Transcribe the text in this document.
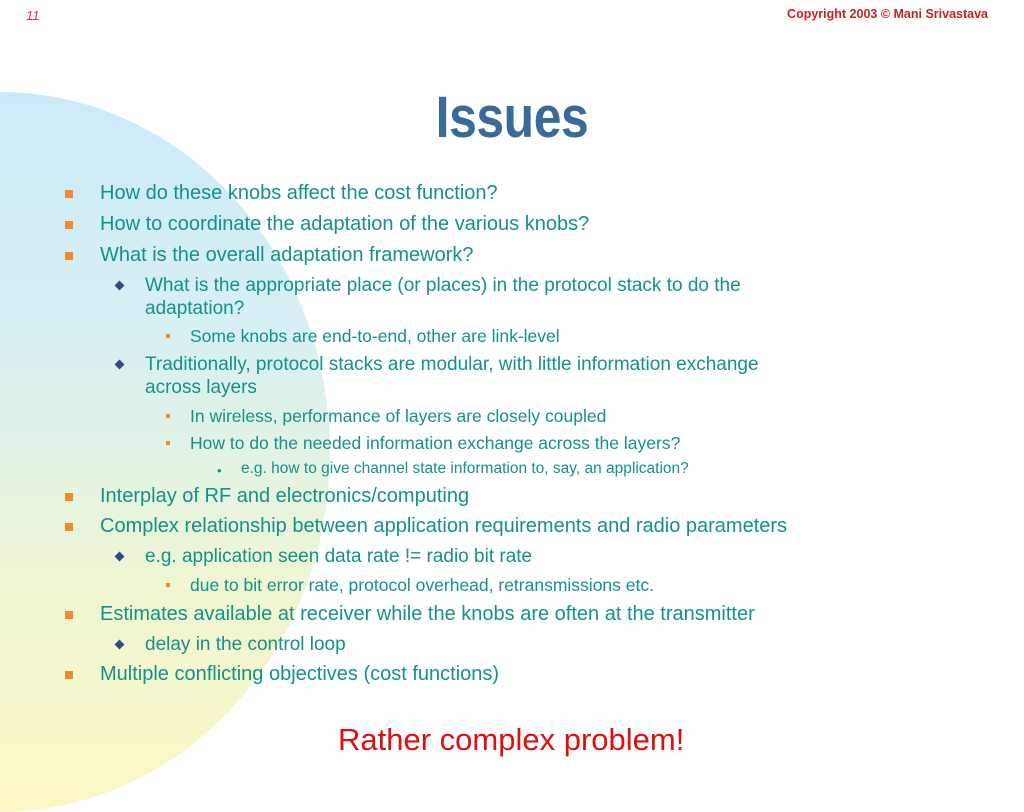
11	Copyright 2003 © Mani Srivastava
Issues
How do these knobs affect the cost function?
How to coordinate the adaptation of the various knobs?
What is the overall adaptation framework?
What is the appropriate place (or places) in the protocol stack to do the
adaptation?
Some knobs are end-to-end, other are link-level
Traditionally, protocol stacks are modular, with little information exchange
across layers
In wireless, performance of layers are closely coupled
How to do the needed information exchange across the layers?
• e.g. how to give channel state information to, say, an application?
Interplay of RF and electronics/computing
Complex relationship between application requirements and radio parameters
e.g. application seen data rate != radio bit rate
due to bit error rate, protocol overhead, retransmissions etc.
Estimates available at receiver while the knobs are often at the transmitter
delay in the control loop
Multiple conflicting objectives (cost functions)
Rather complex problem!
